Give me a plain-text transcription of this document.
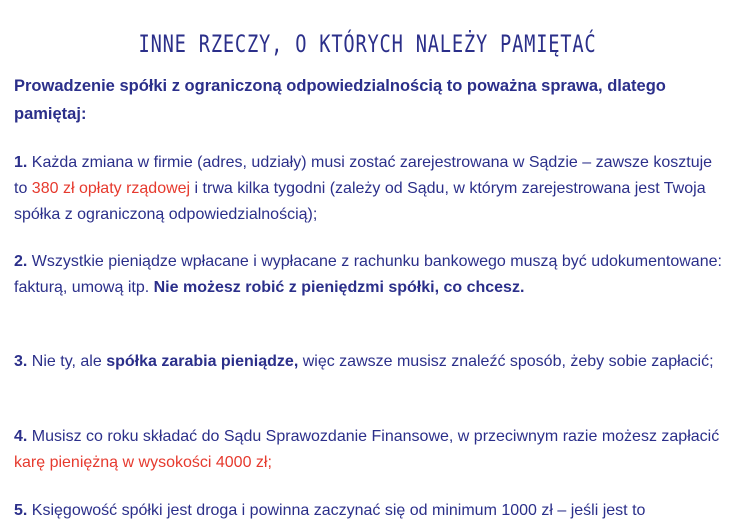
INNE RZECZY, O KTÓRYCH NALEŻY PAMIĘTAĆ
Prowadzenie spółki z ograniczoną odpowiedzialnością to poważna sprawa, dlatego pamiętaj:
1. Każda zmiana w firmie (adres, udziały) musi zostać zarejestrowana w Sądzie – zawsze kosztuje to 380 zł opłaty rządowej i trwa kilka tygodni (zależy od Sądu, w którym zarejestrowana jest Twoja spółka z ograniczoną odpowiedzialnością);
2. Wszystkie pieniądze wpłacane i wypłacane z rachunku bankowego muszą być udokumentowane: fakturą, umową itp. Nie możesz robić z pieniędzmi spółki, co chcesz.
3. Nie ty, ale spółka zarabia pieniądze, więc zawsze musisz znaleźć sposób, żeby sobie zapłacić;
4. Musisz co roku składać do Sądu Sprawozdanie Finansowe, w przeciwnym razie możesz zapłacić karę pieniężną w wysokości 4000 zł;
5. Księgowość spółki jest droga i powinna zaczynać się od minimum 1000 zł – jeśli jest to
